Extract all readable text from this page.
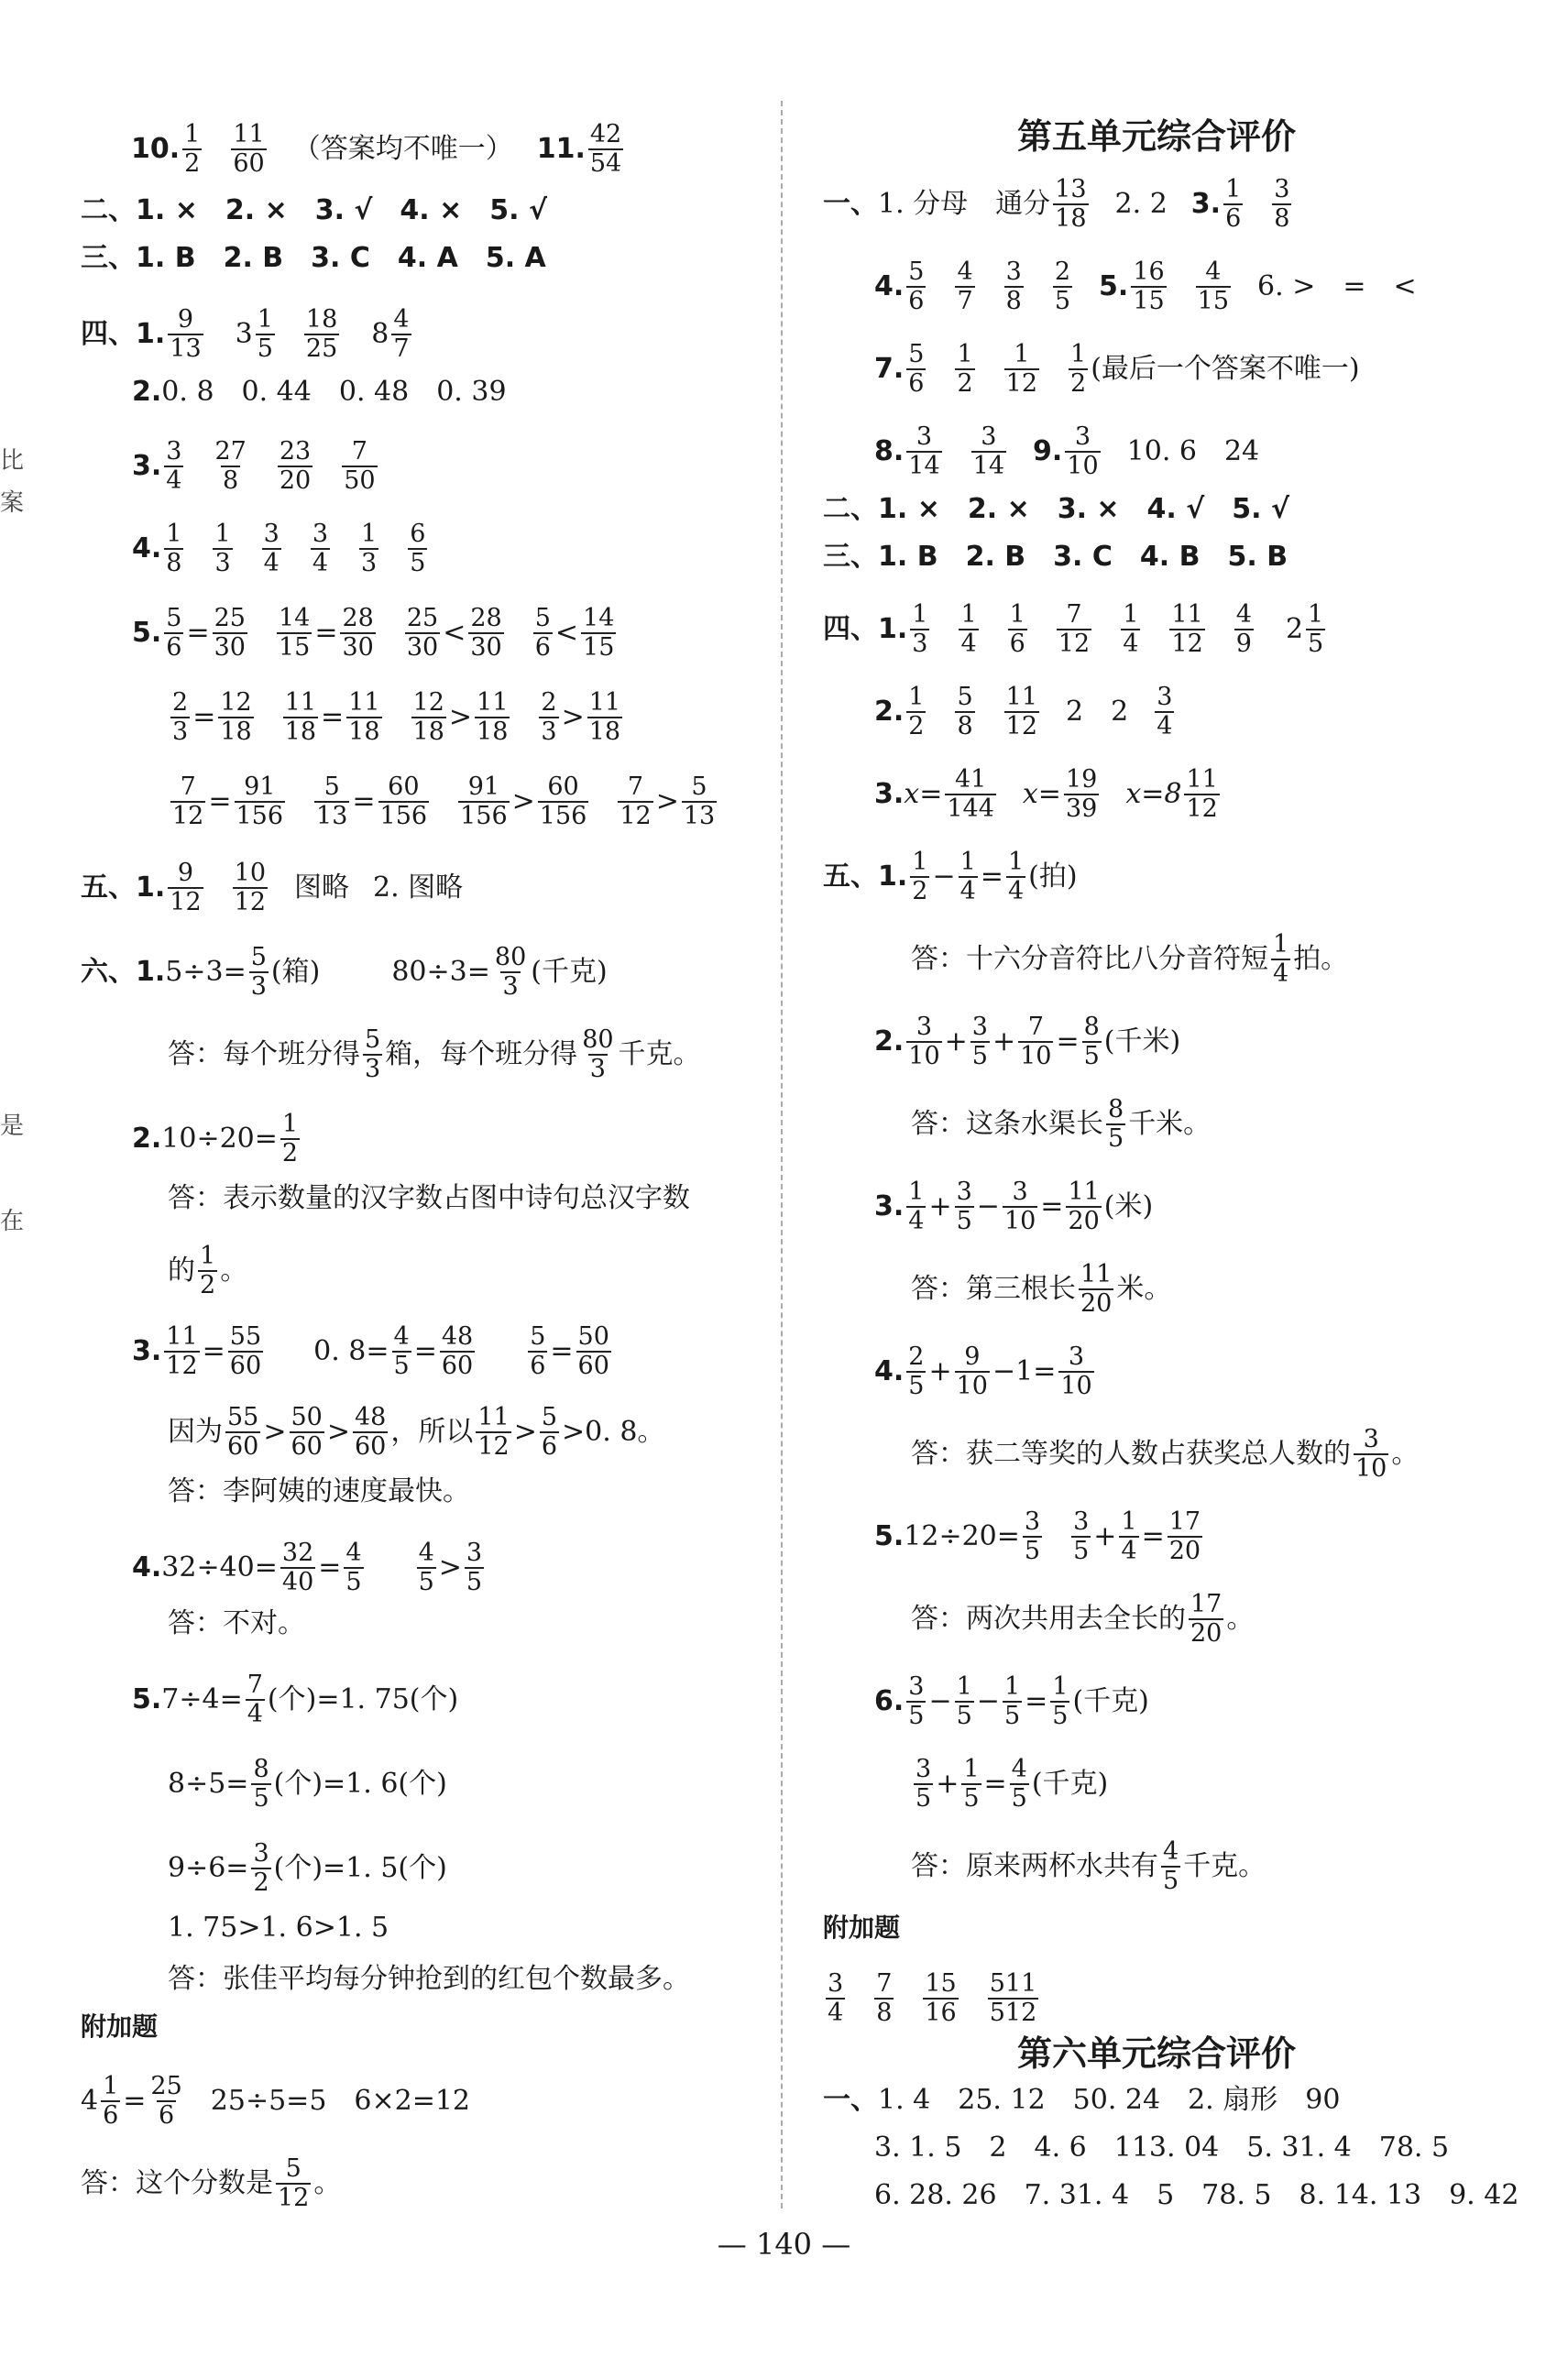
比
案
是
在
10. $\frac{1}{2} \frac{11}{60}$ （答案均不唯一） 11. $\frac{42}{54}$
二、 1. ×　2. ×　3. √　4. ×　5. √
三、 1. B　2. B　3. C　4. A　5. A
四、 1. $\frac{9}{13} 3 \frac{1}{5} \frac{18}{25} 8 \frac{4}{7}$
2. 0. 8　0. 44　0. 48　0. 39
3. $\frac{3}{4} \frac{27}{8} \frac{23}{20} \frac{7}{50}$
4. $\frac{1}{8} \frac{1}{3} \frac{3}{4} \frac{3}{4} \frac{1}{3} \frac{6}{5}$
5. $\frac{5}{6} = \frac{25}{30} \frac{14}{15} = \frac{28}{30} \frac{25}{30} < \frac{28}{30} \frac{5}{6} < \frac{14}{15}$
$\frac{2}{3} = \frac{12}{18} \frac{11}{18} = \frac{11}{18} \frac{12}{18} > \frac{11}{18} \frac{2}{3} > \frac{11}{18}$
$\frac{7}{12} = \frac{91}{156} \frac{5}{13} = \frac{60}{156} \frac{91}{156} > \frac{60}{156} \frac{7}{12} > \frac{5}{13}$
五、 1. $\frac{9}{12} \frac{10}{12}$ 图略 2. 图略
六、 1. $5\div 3= \frac{5}{3}$ (箱)	$80\div 3= \frac{80}{3}$ (千克)
答：每个班分得 $\frac{5}{3}$ 箱，每个班分得 $\frac{80}{3}$ 千克。
2. $10\div 20= \frac{1}{2}$
答：表示数量的汉字数占图中诗句总汉字数
的 $\frac{1}{2}$ 。
3. $\frac{11}{12} = \frac{55}{60} 0$. $8= \frac{4}{5} = \frac{48}{60} \frac{5}{6} = \frac{50}{60}$
因为 $\frac{55}{60} > \frac{50}{60} > \frac{48}{60}$ ，所以 $\frac{11}{12} > \frac{5}{6} >0$. 8。
答：李阿姨的速度最快。
4. $32\div 40= \frac{32}{40} = \frac{4}{5} \frac{4}{5} > \frac{3}{5}$
答：不对。
5. $7\div 4= \frac{7}{4}$ (个)=1. 75(个)
$8\div 5= \frac{8}{5}$ (个)=1. 6(个)
$9\div 6= \frac{3}{2}$ (个)=1. 5(个)
1. 75>1. 6>1. 5
答：张佳平均每分钟抢到的红包个数最多。
附加题
$4 \frac{1}{6} = \frac{25}{6} 25\div 5=5$　6×2=12
答：这个分数是 $\frac{5}{12}$ 。
第五单元综合评价
一、 1. 分母　通分 $\frac{13}{18} 2$. 2 3. $\frac{1}{6} \frac{3}{8}$
4. $\frac{5}{6} \frac{4}{7} \frac{3}{8} \frac{2}{5} 5$. $\frac{16}{15} \frac{4}{15} 6$. >　=　<
7. $\frac{5}{6} \frac{1}{2} \frac{1}{12} \frac{1}{2}$ (最后一个答案不唯一)
8. $\frac{3}{14} \frac{3}{14} 9$. $\frac{3}{10} 10$. 6　24
二、 1. ×　2. ×　3. ×　4. √　5. √
三、 1. B　2. B　3. C　4. B　5. B
四、 1. $\frac{1}{3} \frac{1}{4} \frac{1}{6} \frac{7}{12} \frac{1}{4} \frac{11}{12} \frac{4}{9} 2 \frac{1}{5}$
2. $\frac{1}{2} \frac{5}{8} \frac{11}{12} 2$　$2 \frac{3}{4}$
3. $x= \frac{41}{144} x= \frac{19}{39} x=8 \frac{11}{12}$
五、 1. $\frac{1}{2} - \frac{1}{4} = \frac{1}{4}$ (拍)
答：十六分音符比八分音符短 $\frac{1}{4}$ 拍。
2. $\frac{3}{10} + \frac{3}{5} + \frac{7}{10} = \frac{8}{5}$ (千米)
答：这条水渠长 $\frac{8}{5}$ 千米。
3. $\frac{1}{4} + \frac{3}{5} - \frac{3}{10} = \frac{11}{20}$ (米)
答：第三根长 $\frac{11}{20}$ 米。
4. $\frac{2}{5} + \frac{9}{10} -1= \frac{3}{10}$
答：获二等奖的人数占获奖总人数的 $\frac{3}{10}$ 。
5. $12\div 20= \frac{3}{5} \frac{3}{5} + \frac{1}{4} = \frac{17}{20}$
答：两次共用去全长的 $\frac{17}{20}$ 。
6. $\frac{3}{5} - \frac{1}{5} - \frac{1}{5} = \frac{1}{5}$ (千克)
$\frac{3}{5} + \frac{1}{5} = \frac{4}{5}$ (千克)
答：原来两杯水共有 $\frac{4}{5}$ 千克。
附加题
$\frac{3}{4} \frac{7}{8} \frac{15}{16} \frac{511}{512}$
第六单元综合评价
一、 1. 4　25. 12　50. 24　2. 扇形　90
3. 1. 5　2　4. 6　113. 04　5. 31. 4　78. 5
6. 28. 26　7. 31. 4　5　78. 5　8. 14. 13　9. 42
— 140 —
